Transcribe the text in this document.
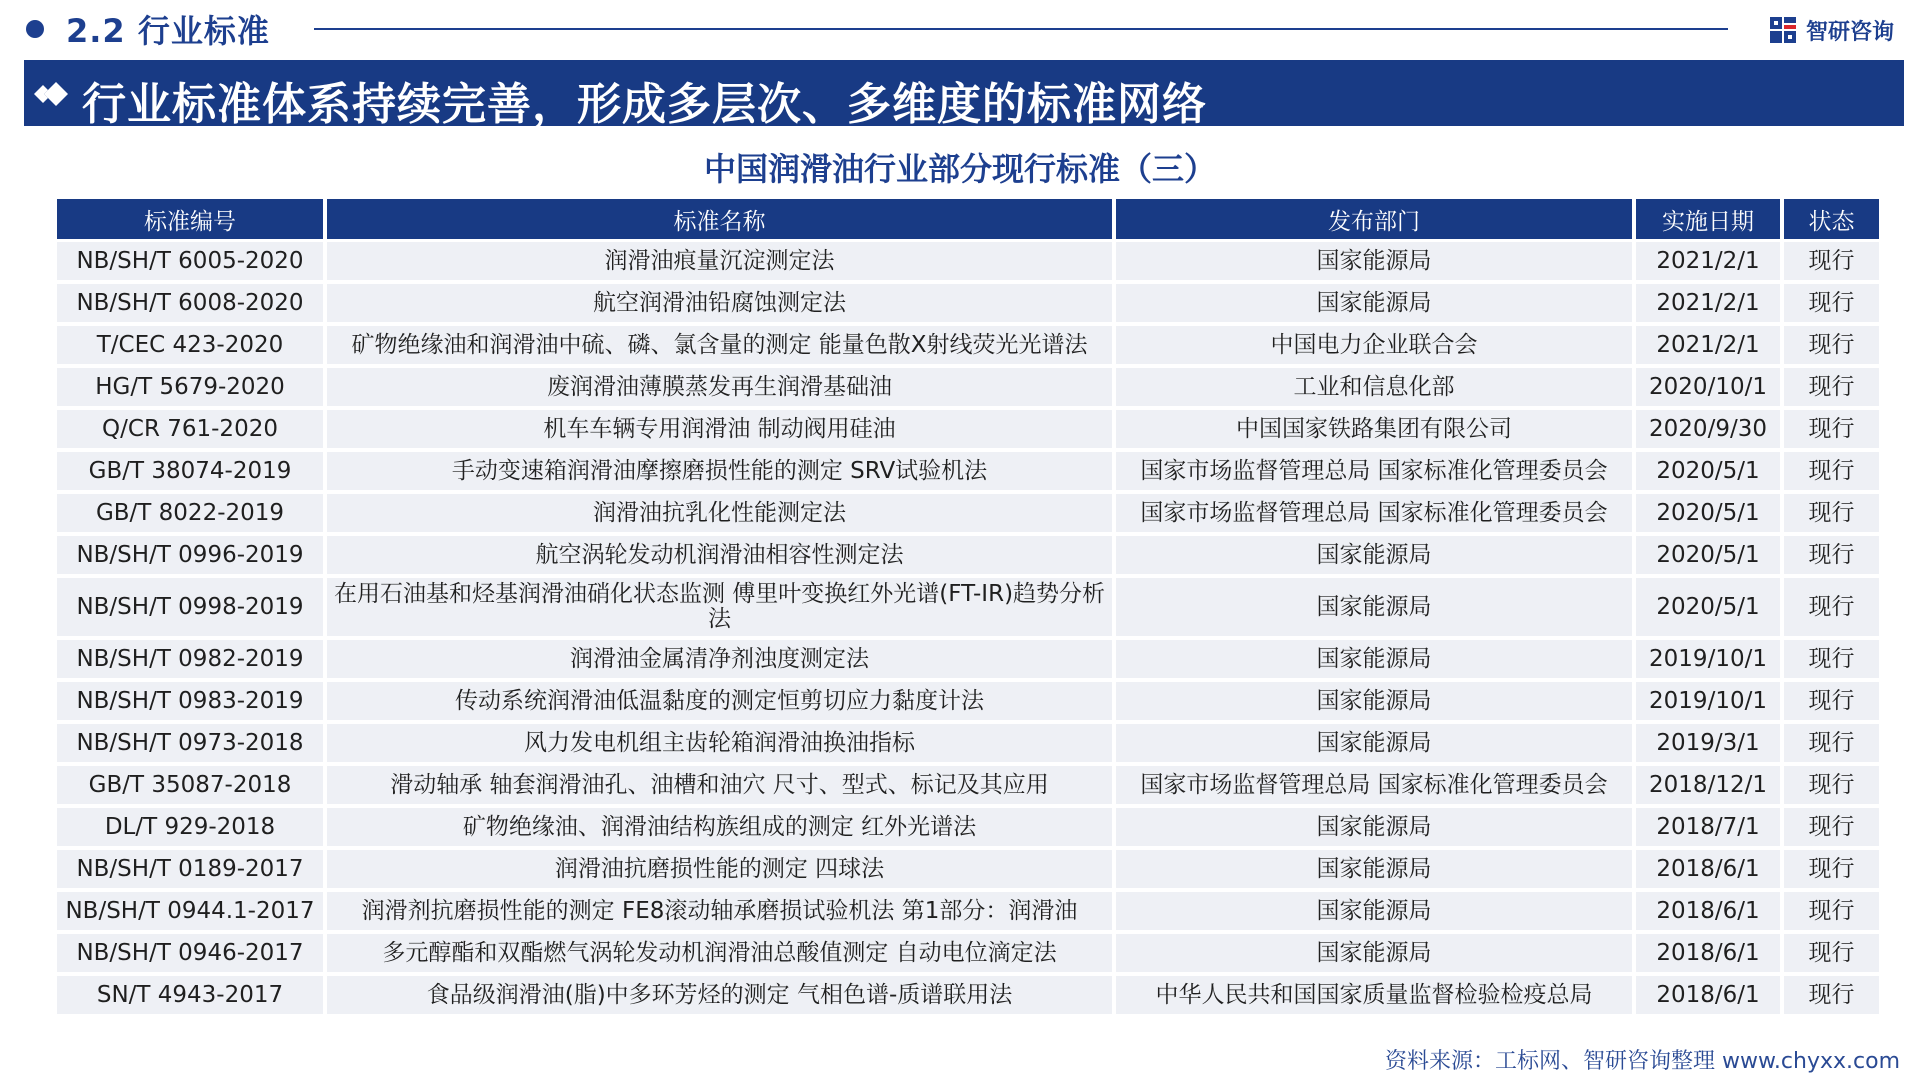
2.2 行业标准	智研咨询
行业标准体系持续完善，形成多层次、多维度的标准网络
中国润滑油行业部分现行标准（三）
标准编号	标准名称	发布部门	实施日期	状态
NB/SH/T 6005-2020	润滑油痕量沉淀测定法	国家能源局	2021/2/1	现行
NB/SH/T 6008-2020	航空润滑油铅腐蚀测定法	国家能源局	2021/2/1	现行
T/CEC 423-2020	矿物绝缘油和润滑油中硫、磷、氯含量的测定 能量色散X射线荧光光谱法	中国电力企业联合会	2021/2/1	现行
HG/T 5679-2020	废润滑油薄膜蒸发再生润滑基础油	工业和信息化部	2020/10/1	现行
Q/CR 761-2020	机车车辆专用润滑油 制动阀用硅油	中国国家铁路集团有限公司	2020/9/30	现行
GB/T 38074-2019	手动变速箱润滑油摩擦磨损性能的测定 SRV试验机法	国家市场监督管理总局 国家标准化管理委员会	2020/5/1	现行
GB/T 8022-2019	润滑油抗乳化性能测定法	国家市场监督管理总局 国家标准化管理委员会	2020/5/1	现行
NB/SH/T 0996-2019	航空涡轮发动机润滑油相容性测定法	国家能源局	2020/5/1	现行
NB/SH/T 0998-2019	在用石油基和烃基润滑油硝化状态监测 傅里叶变换红外光谱(FT-IR)趋势分析法	国家能源局	2020/5/1	现行
NB/SH/T 0982-2019	润滑油金属清净剂浊度测定法	国家能源局	2019/10/1	现行
NB/SH/T 0983-2019	传动系统润滑油低温黏度的测定恒剪切应力黏度计法	国家能源局	2019/10/1	现行
NB/SH/T 0973-2018	风力发电机组主齿轮箱润滑油换油指标	国家能源局	2019/3/1	现行
GB/T 35087-2018	滑动轴承 轴套润滑油孔、油槽和油穴 尺寸、型式、标记及其应用	国家市场监督管理总局 国家标准化管理委员会	2018/12/1	现行
DL/T 929-2018	矿物绝缘油、润滑油结构族组成的测定 红外光谱法	国家能源局	2018/7/1	现行
NB/SH/T 0189-2017	润滑油抗磨损性能的测定 四球法	国家能源局	2018/6/1	现行
NB/SH/T 0944.1-2017	润滑剂抗磨损性能的测定 FE8滚动轴承磨损试验机法 第1部分：润滑油	国家能源局	2018/6/1	现行
NB/SH/T 0946-2017	多元醇酯和双酯燃气涡轮发动机润滑油总酸值测定 自动电位滴定法	国家能源局	2018/6/1	现行
SN/T 4943-2017	食品级润滑油(脂)中多环芳烃的测定 气相色谱-质谱联用法	中华人民共和国国家质量监督检验检疫总局	2018/6/1	现行
资料来源：工标网、智研咨询整理 www.chyxx.com
